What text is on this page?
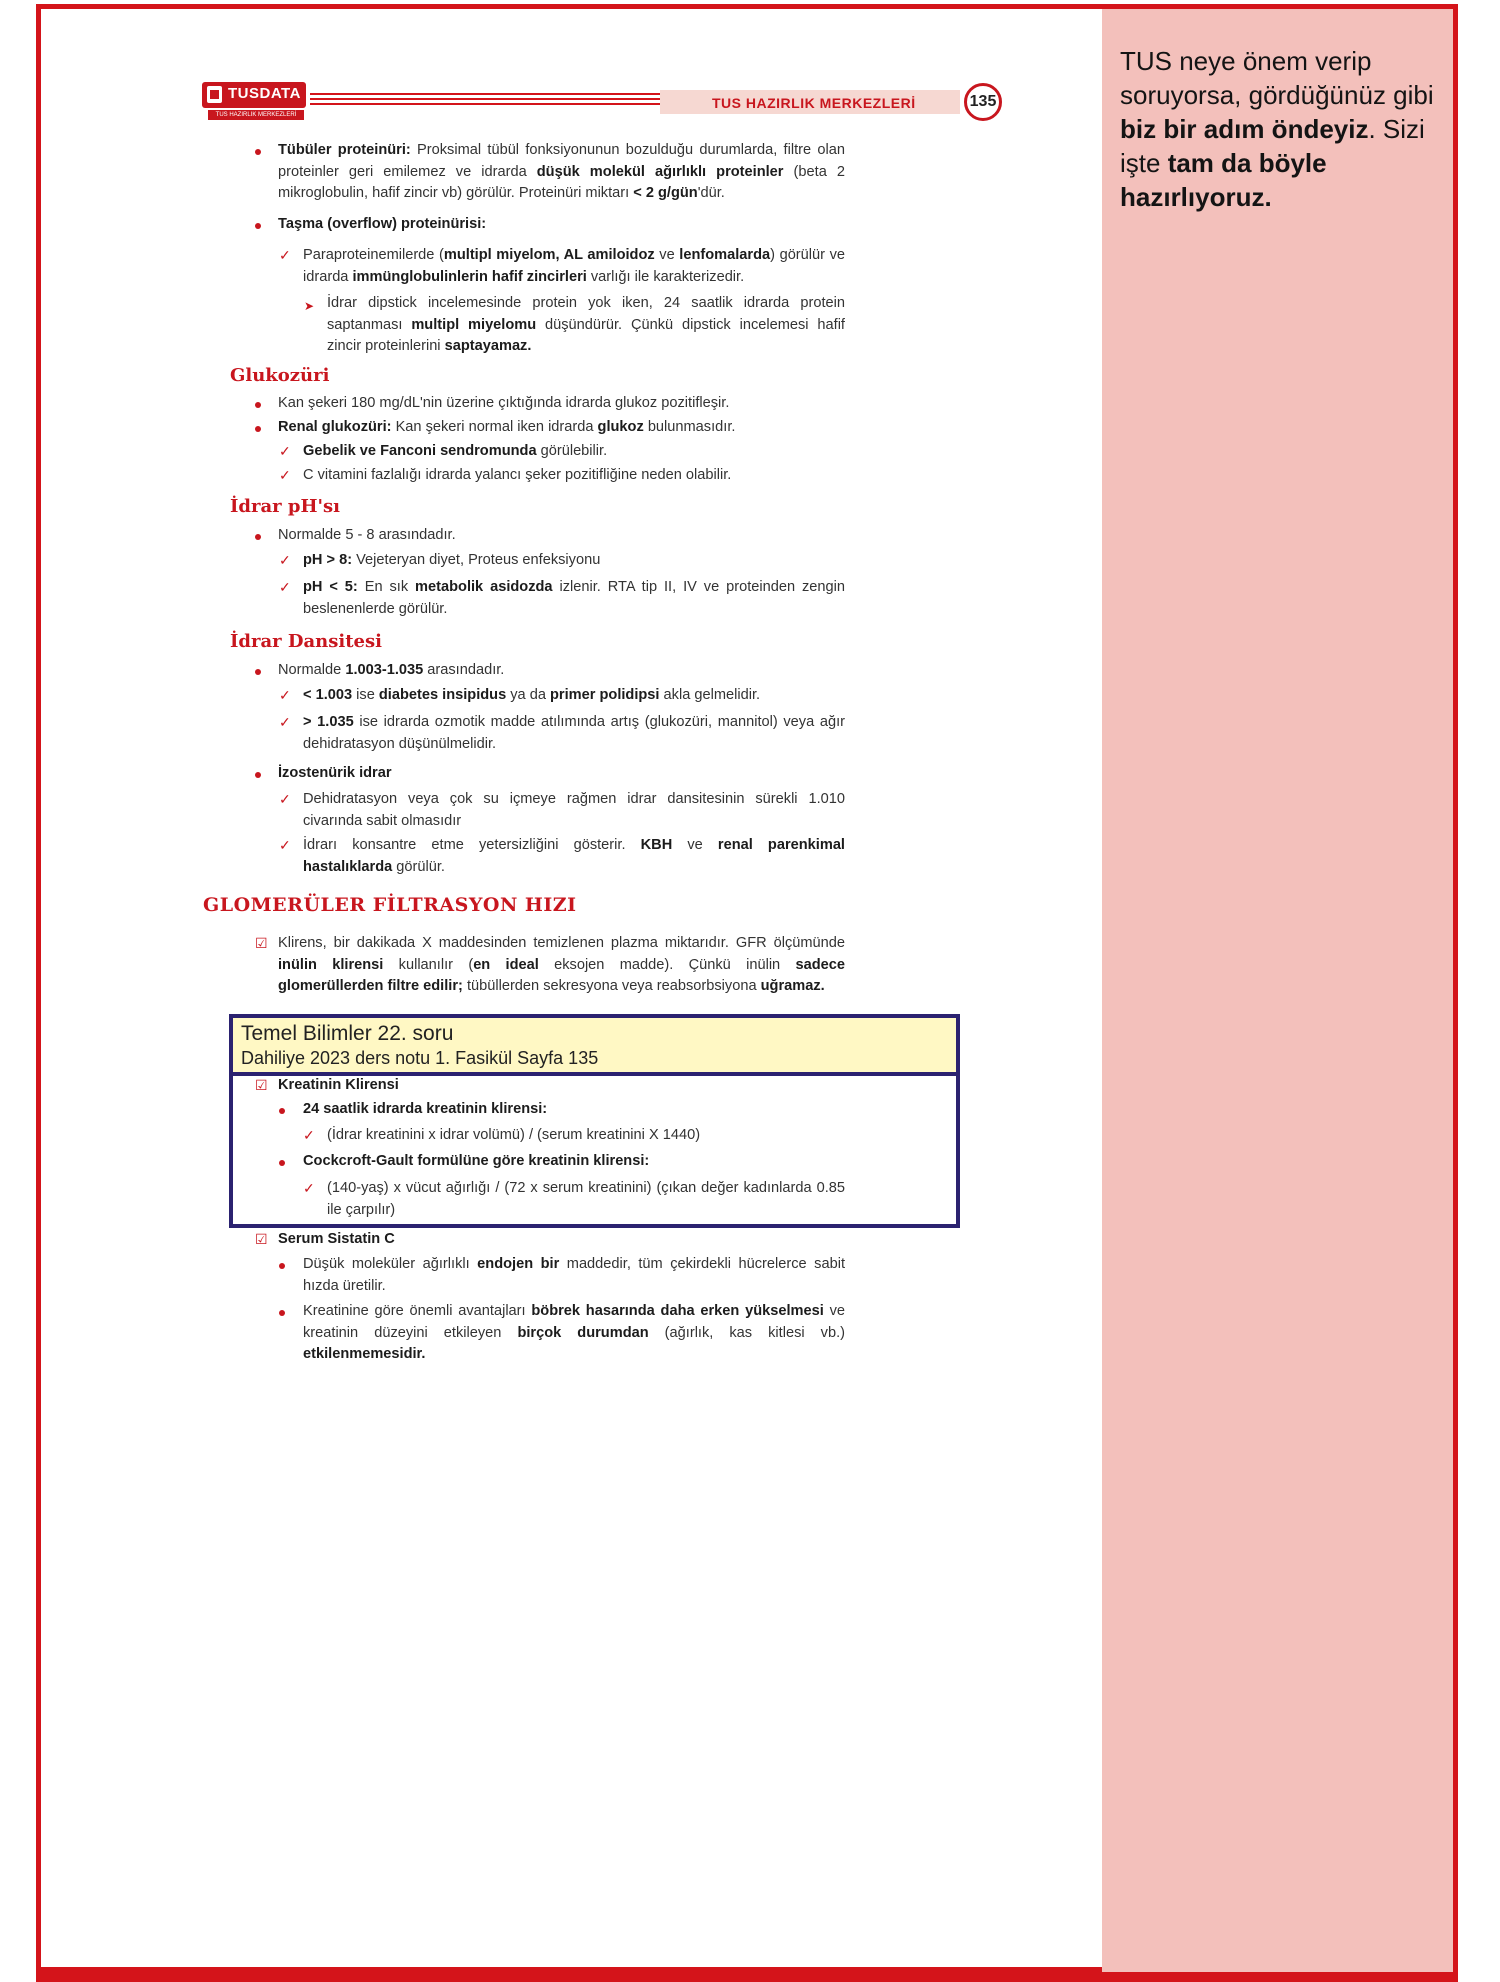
TUS neye önem verip soruyorsa, gördüğünüz gibi biz bir adım öndeyiz. Sizi işte tam da böyle hazırlıyoruz.
TUSDATA
TUS HAZIRLIK MERKEZLERİ
TUS HAZIRLIK MERKEZLERİ	135
Tübüler proteinüri: Proksimal tübül fonksiyonunun bozulduğu durumlarda, filtre olan proteinler geri emilemez ve idrarda düşük molekül ağırlıklı proteinler (beta 2 mikroglobulin, hafif zincir vb) görülür. Proteinüri miktarı < 2 g/gün'dür.
Taşma (overflow) proteinürisi:
✓ Paraproteinemilerde (multipl miyelom, AL amiloidoz ve lenfomalarda) görülür ve idrarda immünglobulinlerin hafif zincirleri varlığı ile karakterizedir.
➤ İdrar dipstick incelemesinde protein yok iken, 24 saatlik idrarda protein saptanması multipl miyelomu düşündürür. Çünkü dipstick incelemesi hafif zincir proteinlerini saptayamaz.
Glukozüri
Kan şekeri 180 mg/dL'nin üzerine çıktığında idrarda glukoz pozitifleşir.
Renal glukozüri: Kan şekeri normal iken idrarda glukoz bulunmasıdır.
✓ Gebelik ve Fanconi sendromunda görülebilir.
✓ C vitamini fazlalığı idrarda yalancı şeker pozitifliğine neden olabilir.
İdrar pH'sı
Normalde 5 - 8 arasındadır.
✓ pH > 8: Vejeteryan diyet, Proteus enfeksiyonu
✓ pH < 5: En sık metabolik asidozda izlenir. RTA tip II, IV ve proteinden zengin beslenenlerde görülür.
İdrar Dansitesi
Normalde 1.003-1.035 arasındadır.
✓ < 1.003 ise diabetes insipidus ya da primer polidipsi akla gelmelidir.
✓ > 1.035 ise idrarda ozmotik madde atılımında artış (glukozüri, mannitol) veya ağır dehidratasyon düşünülmelidir.
İzostenürik idrar
✓ Dehidratasyon veya çok su içmeye rağmen idrar dansitesinin sürekli 1.010 civarında sabit olmasıdır
✓ İdrarı konsantre etme yetersizliğini gösterir. KBH ve renal parenkimal hastalıklarda görülür.
GLOMERÜLER FİLTRASYON HIZI
☑ Klirens, bir dakikada X maddesinden temizlenen plazma miktarıdır. GFR ölçümünde inülin klirensi kullanılır (en ideal eksojen madde). Çünkü inülin sadece glomerüllerden filtre edilir; tübüllerden sekresyona veya reabsorbsiyona uğramaz.
☑ Kreatinin Klirensi
24 saatlik idrarda kreatinin klirensi:
✓ (İdrar kreatinini x idrar volümü) / (serum kreatinini X 1440)
Cockcroft-Gault formülüne göre kreatinin klirensi:
✓ (140-yaş) x vücut ağırlığı / (72 x serum kreatinini) (çıkan değer kadınlarda 0.85 ile çarpılır)
☑ Serum Sistatin C
Düşük moleküler ağırlıklı endojen bir maddedir, tüm çekirdekli hücrelerce sabit hızda üretilir.
Kreatinine göre önemli avantajları böbrek hasarında daha erken yükselmesi ve kreatinin düzeyini etkileyen birçok durumdan (ağırlık, kas kitlesi vb.) etkilenmemesidir.
Temel Bilimler 22. soru
Dahiliye 2023 ders notu 1. Fasikül Sayfa 135
